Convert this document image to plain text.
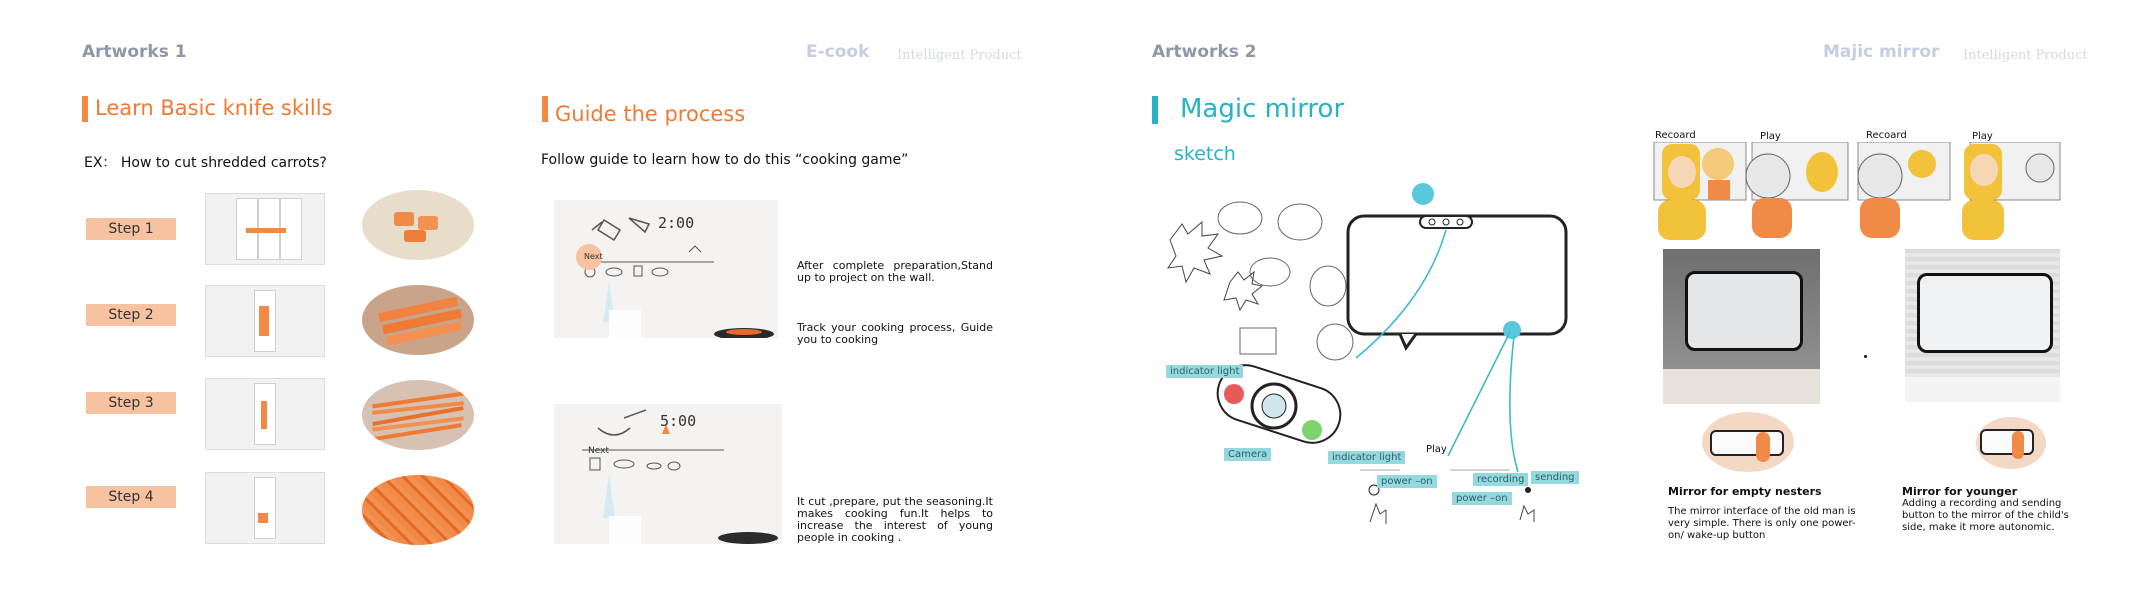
Artworks 1	E-cook Intelligent Product
Learn Basic knife skills
EX： How to cut shredded carrots?
Step 1
Step 2
Step 3
Step 4
Guide the process
Follow guide to learn how to do this “cooking game”
Next
2:00
Next
5:00
After complete preparation,Stand up to project on the wall.
Track your cooking process, Guide you to cooking
It cut ,prepare, put the seasoning.It makes cooking fun.It helps to increase the interest of young people in cooking .
Artworks 2	Majic mirror Intelligent Product
Magic mirror
sketch
indicator light
Camera	indicator light
Play
power –on
power –on
recording	sending
Recoard	Play	Recoard	Play
Mirror for empty nesters
The mirror interface of the old man is very simple. There is only one power-on/ wake-up button
Mirror for younger
Adding a recording and sending button to the mirror of the child's side, make it more autonomic.
